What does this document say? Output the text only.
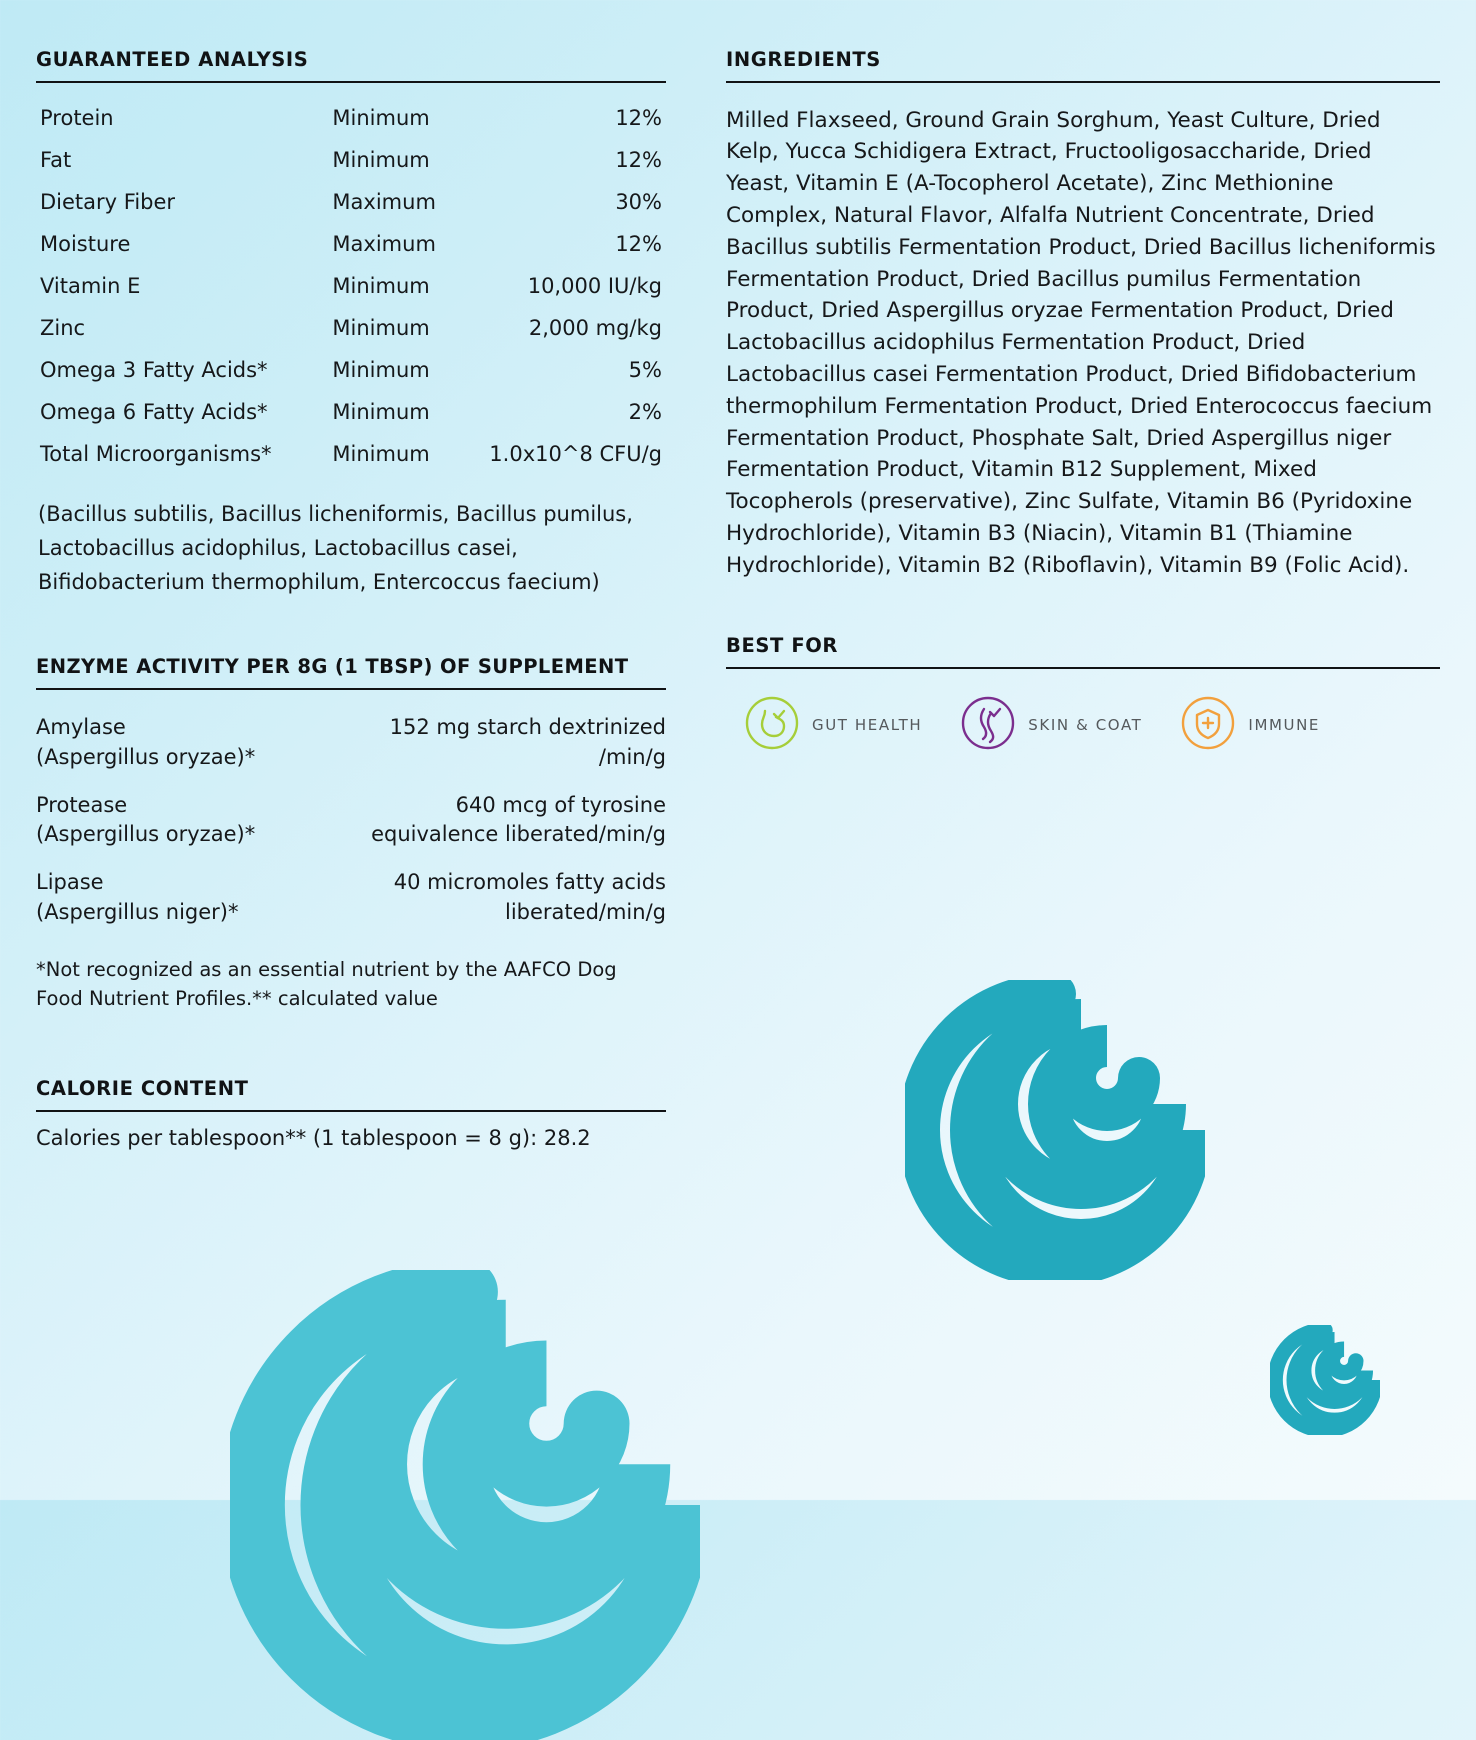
GUARANTEED ANALYSIS
Protein	Minimum	12%
Fat	Minimum	12%
Dietary Fiber	Maximum	30%
Moisture	Maximum	12%
Vitamin E	Minimum	10,000 IU/kg
Zinc	Minimum	2,000 mg/kg
Omega 3 Fatty Acids*	Minimum	5%
Omega 6 Fatty Acids*	Minimum	2%
Total Microorganisms*	Minimum	1.0x10^8 CFU/g

(Bacillus subtilis, Bacillus licheniformis, Bacillus pumilus, Lactobacillus acidophilus, Lactobacillus casei, Bifidobacterium thermophilum, Entercoccus faecium)

ENZYME ACTIVITY PER 8G (1 TBSP) OF SUPPLEMENT
Amylase
(Aspergillus oryzae)*	152 mg starch dextrinized /min/g
Protease
(Aspergillus oryzae)*	640 mcg of tyrosine equivalence liberated/min/g
Lipase
(Aspergillus niger)*	40 micromoles fatty acids liberated/min/g

*Not recognized as an essential nutrient by the AAFCO Dog Food Nutrient Profiles.** calculated value

CALORIE CONTENT

Calories per tablespoon** (1 tablespoon = 8 g): 28.2

INGREDIENTS

Milled Flaxseed, Ground Grain Sorghum, Yeast Culture, Dried Kelp, Yucca Schidigera Extract, Fructooligosaccharide, Dried Yeast, Vitamin E (A-Tocopherol Acetate), Zinc Methionine Complex, Natural Flavor, Alfalfa Nutrient Concentrate, Dried Bacillus subtilis Fermentation Product, Dried Bacillus licheniformis Fermentation Product, Dried Bacillus pumilus Fermentation Product, Dried Aspergillus oryzae Fermentation Product, Dried Lactobacillus acidophilus Fermentation Product, Dried Lactobacillus casei Fermentation Product, Dried Bifidobacterium thermophilum Fermentation Product, Dried Enterococcus faecium Fermentation Product, Phosphate Salt, Dried Aspergillus niger Fermentation Product, Vitamin B12 Supplement, Mixed Tocopherols (preservative), Zinc Sulfate, Vitamin B6 (Pyridoxine Hydrochloride), Vitamin B3 (Niacin), Vitamin B1 (Thiamine Hydrochloride), Vitamin B2 (Riboflavin), Vitamin B9 (Folic Acid).

BEST FOR
GUT HEALTH	SKIN & COAT	IMMUNE
